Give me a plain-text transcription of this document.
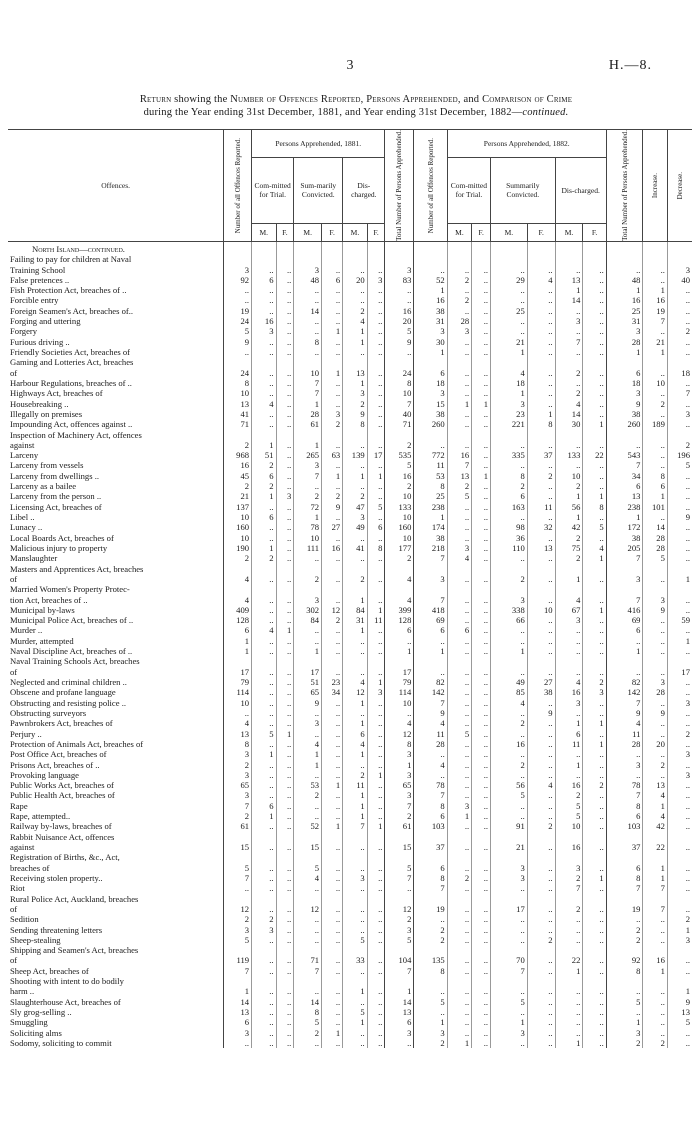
3	H.—8.
Return showing the Number of Offences Reported, Persons Apprehended, and Comparison of Crime
during the Year ending 31st December, 1881, and Year ending 31st December, 1882—continued.
Offences.	Number of all Offences Reported.	Persons Apprehended, 1881.						Total Number of Persons Apprehended.	Number of all Offences Reported.	Persons Apprehended, 1882.						Total Number of Persons Apprehended.	Increase.	Decrease.

		Com-mitted for Trial.		Sum-marily Convicted.		Dis-charged.				Com-mitted for Trial.		Summarily Convicted.		Dis-charged.				
		M.	F.	M.	F.	M.	F.			M.	F.	M.	F.	M.	F.			
North Island—continued.																		
Failing to pay for children at Naval																		
Training School	3	..	..	3	..	..	..	3	..	..	..	..	..	..	..	..	..	3
False pretences ..	92	6	..	48	6	20	3	83	52	2	..	29	4	13	..	48	..	40
Fish Protection Act, breaches of ..	..	..	..	..	..	..	..	..	1	..	..	..	..	1	..	1	1	..
Forcible entry	..	..	..	..	..	..	..	..	16	2	..	..	..	14	..	16	16	..
Foreign Seamen's Act, breaches of..	19	..	..	14	..	2	..	16	38	..	..	25	..	..	..	25	19	..
Forging and uttering	24	16	..	..	..	4	..	20	31	28	..	..	..	3	..	31	7	..
Forgery	5	3	..	..	1	1	..	5	3	3	..	..	..	..	..	3	..	2
Furious driving ..	9	..	..	8	..	1	..	9	30	..	..	21	..	7	..	28	21	..
Friendly Societies Act, breaches of	..	..	..	..	..	..	..	..	1	..	..	1	..	..	..	1	1	..
Gaming and Lotteries Act, breaches																		
of	24	..	..	10	1	13	..	24	6	..	..	4	..	2	..	6	..	18
Harbour Regulations, breaches of ..	8	..	..	7	..	1	..	8	18	..	..	18	..	..	..	18	10	..
Highways Act, breaches of	10	..	..	7	..	3	..	10	3	..	..	1	..	2	..	3	..	7
Housebreaking ..	13	4	..	1	..	2	..	7	15	1	1	3	..	4	..	9	2	..
Illegally on premises	41	..	..	28	3	9	..	40	38	..	..	23	1	14	..	38	..	3
Impounding Act, offences against ..	71	..	..	61	2	8	..	71	260	..	..	221	8	30	1	260	189	..
Inspection of Machinery Act, offences																		
against	2	1	..	1	..	..	..	2	..	..	..	..	..	..	..	..	..	2
Larceny	968	51	..	265	63	139	17	535	772	16	..	335	37	133	22	543	..	196
Larceny from vessels	16	2	..	3	..	..	..	5	11	7	..	..	..	..	..	7	..	5
Larceny from dwellings ..	45	6	..	7	1	1	1	16	53	13	1	8	2	10	..	34	8	..
Larceny as a bailee	2	2	..	..	..	..	..	2	8	2	..	2	..	2	..	6	6	..
Larceny from the person ..	21	1	3	2	2	2	..	10	25	5	..	6	..	1	1	13	1	..
Licensing Act, breaches of	137	..	..	72	9	47	5	133	238	..	..	163	11	56	8	238	101	..
Libel ..	10	6	..	1	..	3	..	10	1	..	..	..	..	1	..	1	..	9
Lunacy ..	160	..	..	78	27	49	6	160	174	..	..	98	32	42	5	172	14	..
Local Boards Act, breaches of	10	..	..	10	..	..	..	10	38	..	..	36	..	2	..	38	28	..
Malicious injury to property	190	1	..	111	16	41	8	177	218	3	..	110	13	75	4	205	28	..
Manslaughter	2	2	..	..	..	..	..	2	7	4	..	..	..	2	1	7	5	..
Masters and Apprentices Act, breaches																		
of	4	..	..	2	..	2	..	4	3	..	..	2	..	1	..	3	..	1
Married Women's Property Protec-																		
tion Act, breaches of ..	4	..	..	3	..	1	..	4	7	..	..	3	..	4	..	7	3	..
Municipal by-laws	409	..	..	302	12	84	1	399	418	..	..	338	10	67	1	416	9	..
Municipal Police Act, breaches of ..	128	..	..	84	2	31	11	128	69	..	..	66	..	3	..	69	..	59
Murder ..	6	4	1	..	..	1	..	6	6	6	..	..	..	..	..	6	..	..
Murder, attempted	1	..	..	..	..	..	..	..	..	..	..	..	..	..	..	..	..	1
Naval Discipline Act, breaches of ..	1	..	..	1	..	..	..	1	1	..	..	1	..	..	..	1	..	..
Naval Training Schools Act, breaches																		
of	17	..	..	17	..	..	..	17	..	..	..	..	..	..	..	..	..	17
Neglected and criminal children ..	79	..	..	51	23	4	1	79	82	..	..	49	27	4	2	82	3	..
Obscene and profane language	114	..	..	65	34	12	3	114	142	..	..	85	38	16	3	142	28	..
Obstructing and resisting police ..	10	..	..	9	..	1	..	10	7	..	..	4	..	3	..	7	..	3
Obstructing surveyors	..	..	..	..	..	..	..	..	9	..	..	..	9	..	..	9	9	..
Pawnbrokers Act, breaches of	4	..	..	3	..	1	..	4	4	..	..	2	..	1	1	4	..	..
Perjury ..	13	5	1	..	..	6	..	12	11	5	..	..	..	6	..	11	..	2
Protection of Animals Act, breaches of	8	..	..	4	..	4	..	8	28	..	..	16	..	11	1	28	20	..
Post Office Act, breaches of	3	1	..	1	..	1	..	3	..	..	..	..	..	..	..	..	..	3
Prisons Act, breaches of ..	2	..	..	1	..	..	..	1	4	..	..	2	..	1	..	3	2	..
Provoking language	3	..	..	..	..	2	1	3	..	..	..	..	..	..	..	..	..	3
Public Works Act, breaches of	65	..	..	53	1	11	..	65	78	..	..	56	4	16	2	78	13	..
Public Health Act, breaches of	3	..	..	2	..	1	..	3	7	..	..	5	..	2	..	7	4	..
Rape	7	6	..	..	..	1	..	7	8	3	..	..	..	5	..	8	1	..
Rape, attempted..	2	1	..	..	..	1	..	2	6	1	..	..	..	5	..	6	4	..
Railway by-laws, breaches of	61	..	..	52	1	7	1	61	103	..	..	91	2	10	..	103	42	..
Rabbit Nuisance Act, offences																		
against	15	..	..	15	..	..	..	15	37	..	..	21	..	16	..	37	22	..
Registration of Births, &c., Act,																		
breaches of	5	..	..	5	..	..	..	5	6	..	..	3	..	3	..	6	1	..
Receiving stolen property..	7	..	..	4	..	3	..	7	8	2	..	3	..	2	1	8	1	..
Riot	..	..	..	..	..	..	..	..	7	..	..	..	..	7	..	7	7	..
Rural Police Act, Auckland, breaches																		
of	12	..	..	12	..	..	..	12	19	..	..	17	..	2	..	19	7	..
Sedition	2	2	..	..	..	..	..	2	..	..	..	..	..	..	..	..	..	2
Sending threatening letters	3	3	..	..	..	..	..	3	2	..	..	..	..	..	..	2	..	1
Sheep-stealing	5	..	..	..	..	5	..	5	2	..	..	..	2	..	..	2	..	3
Shipping and Seamen's Act, breaches																		
of	119	..	..	71	..	33	..	104	135	..	..	70	..	22	..	92	16	..
Sheep Act, breaches of	7	..	..	7	..	..	..	7	8	..	..	7	..	1	..	8	1	..
Shooting with intent to do bodily																		
harm ..	1	..	..	..	..	1	..	1	..	..	..	..	..	..	..	..	..	1
Slaughterhouse Act, breaches of	14	..	..	14	..	..	..	14	5	..	..	5	..	..	..	5	..	9
Sly grog-selling ..	13	..	..	8	..	5	..	13	..	..	..	..	..	..	..	..	..	13
Smuggling	6	..	..	5	..	1	..	6	1	..	..	1	..	..	..	1	..	5
Soliciting alms	3	..	..	2	1	..	..	3	3	..	..	3	..	..	..	3	..	..
Sodomy, soliciting to commit	..	..	..	..	..	..	..	..	2	1	..	..	..	1	..	2	2	..
